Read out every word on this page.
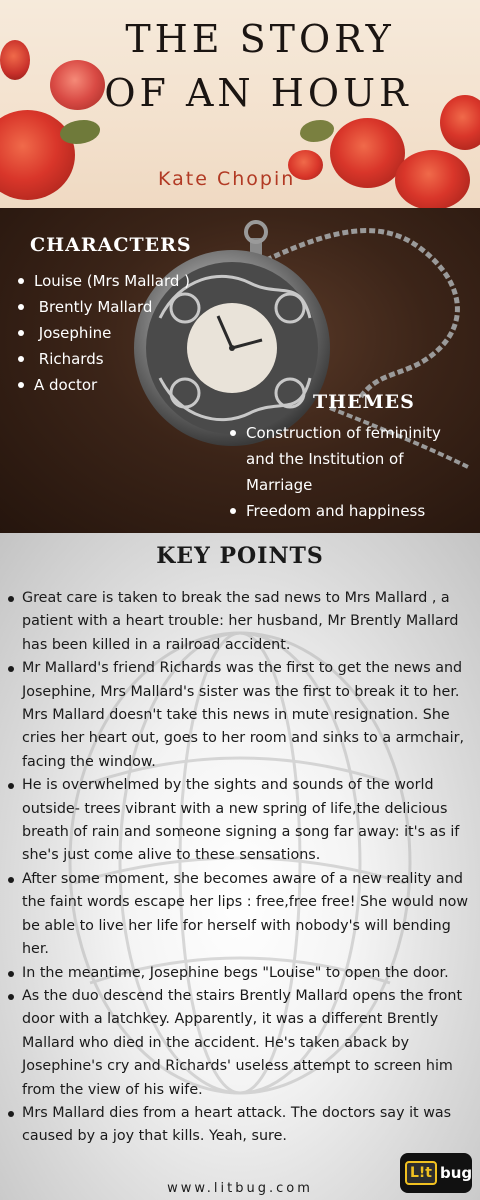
THE STORY
OF AN HOUR
Kate Chopin
CHARACTERS
Louise (Mrs Mallard )
Brently Mallard
Josephine
Richards
A doctor
THEMES
Construction of femininity and the Institution of Marriage
Freedom and happiness
KEY POINTS
Great care is taken to break the sad news to Mrs Mallard , a patient with a heart trouble: her husband, Mr Brently Mallard has been killed in a railroad accident.
Mr Mallard's friend Richards was the first to get the news and Josephine, Mrs Mallard's sister was the first to break it to her. Mrs Mallard doesn't take this news in mute resignation. She cries her heart out, goes to her room and sinks to a armchair, facing the window.
He is overwhelmed by the sights and sounds of the world outside- trees vibrant with a new spring of life,the delicious breath of rain and someone signing a song far away: it's as if she's just come alive to these sensations.
After some moment, she becomes aware of a new reality and the faint words escape her lips : free,free free! She would now be able to live her life for herself with nobody's will bending her.
In the meantime, Josephine begs "Louise" to open the door.
As the duo descend the stairs Brently Mallard opens the front door with a latchkey. Apparently, it was a different Brently Mallard who died in the accident. He's taken aback by Josephine's cry and Richards' useless attempt to screen him from the view of his wife.
Mrs Mallard dies from a heart attack. The doctors say it was caused by a joy that kills. Yeah, sure.
L!t bug
www.litbug.com
